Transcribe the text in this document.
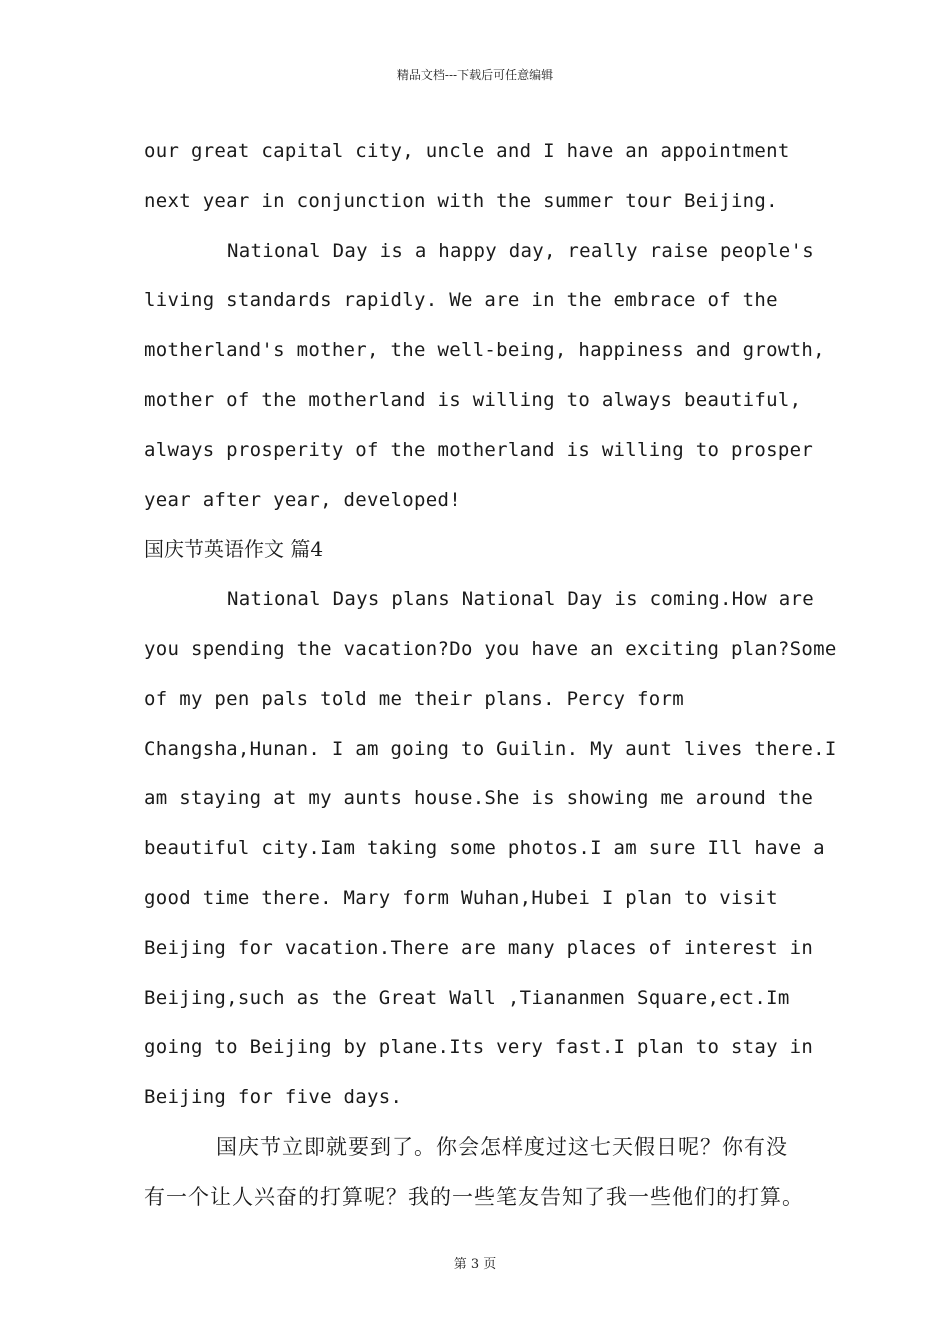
精品文档---下载后可任意编辑
our great capital city, uncle and I have an appointment
next year in conjunction with the summer tour Beijing.
National Day is a happy day, really raise people's
living standards rapidly. We are in the embrace of the
motherland's mother, the well-being, happiness and growth,
mother of the motherland is willing to always beautiful,
always prosperity of the motherland is willing to prosper
year after year, developed!
国庆节英语作文 篇4
National Days plans National Day is coming.How are
you spending the vacation?Do you have an exciting plan?Some
of my pen pals told me their plans. Percy form
Changsha,Hunan. I am going to Guilin. My aunt lives there.I
am staying at my aunts house.She is showing me around the
beautiful city.Iam taking some photos.I am sure Ill have a
good time there. Mary form Wuhan,Hubei I plan to visit
Beijing for vacation.There are many places of interest in
Beijing,such as the Great Wall ,Tiananmen Square,ect.Im
going to Beijing by plane.Its very fast.I plan to stay in
Beijing for five days.
国庆节立即就要到了。你会怎样度过这七天假日呢？你有没
有一个让人兴奋的打算呢？我的一些笔友告知了我一些他们的打算。
第 3 页
